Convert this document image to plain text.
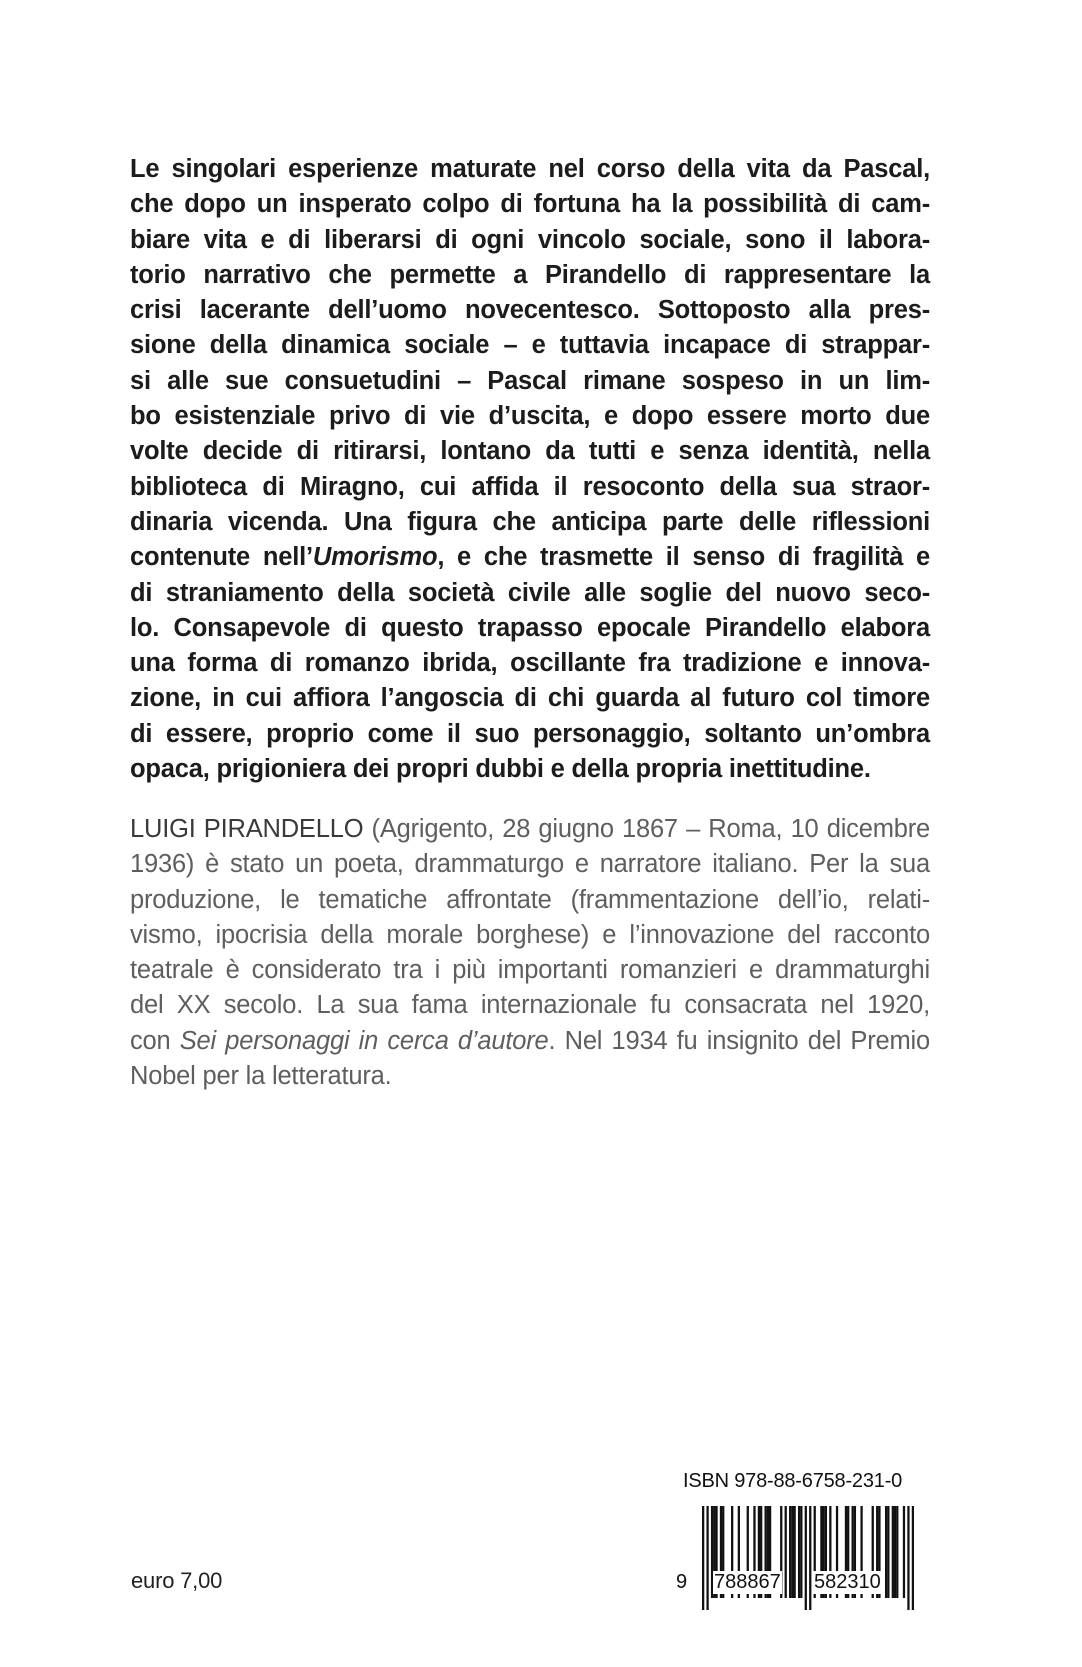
Le singolari esperienze maturate nel corso della vita da Pascal,
che dopo un insperato colpo di fortuna ha la possibilità di cam-
biare vita e di liberarsi di ogni vincolo sociale, sono il labora-
torio narrativo che permette a Pirandello di rappresentare la
crisi lacerante dell’uomo novecentesco. Sottoposto alla pres-
sione della dinamica sociale – e tuttavia incapace di strappar-
si alle sue consuetudini – Pascal rimane sospeso in un lim-
bo esistenziale privo di vie d’uscita, e dopo essere morto due
volte decide di ritirarsi, lontano da tutti e senza identità, nella
biblioteca di Miragno, cui affida il resoconto della sua straor-
dinaria vicenda. Una figura che anticipa parte delle riflessioni
contenute nell’Umorismo, e che trasmette il senso di fragilità e
di straniamento della società civile alle soglie del nuovo seco-
lo. Consapevole di questo trapasso epocale Pirandello elabora
una forma di romanzo ibrida, oscillante fra tradizione e innova-
zione, in cui affiora l’angoscia di chi guarda al futuro col timore
di essere, proprio come il suo personaggio, soltanto un’ombra
opaca, prigioniera dei propri dubbi e della propria inettitudine.
LUIGI PIRANDELLO (Agrigento, 28 giugno 1867 – Roma, 10 dicembre
1936) è stato un poeta, drammaturgo e narratore italiano. Per la sua
produzione, le tematiche affrontate (frammentazione dell’io, relati-
vismo, ipocrisia della morale borghese) e l’innovazione del racconto
teatrale è considerato tra i più importanti romanzieri e drammaturghi
del XX secolo. La sua fama internazionale fu consacrata nel 1920,
con Sei personaggi in cerca d’autore. Nel 1934 fu insignito del Premio
Nobel per la letteratura.
euro 7,00
ISBN 978-88-6758-231-0
9 788867 582310
